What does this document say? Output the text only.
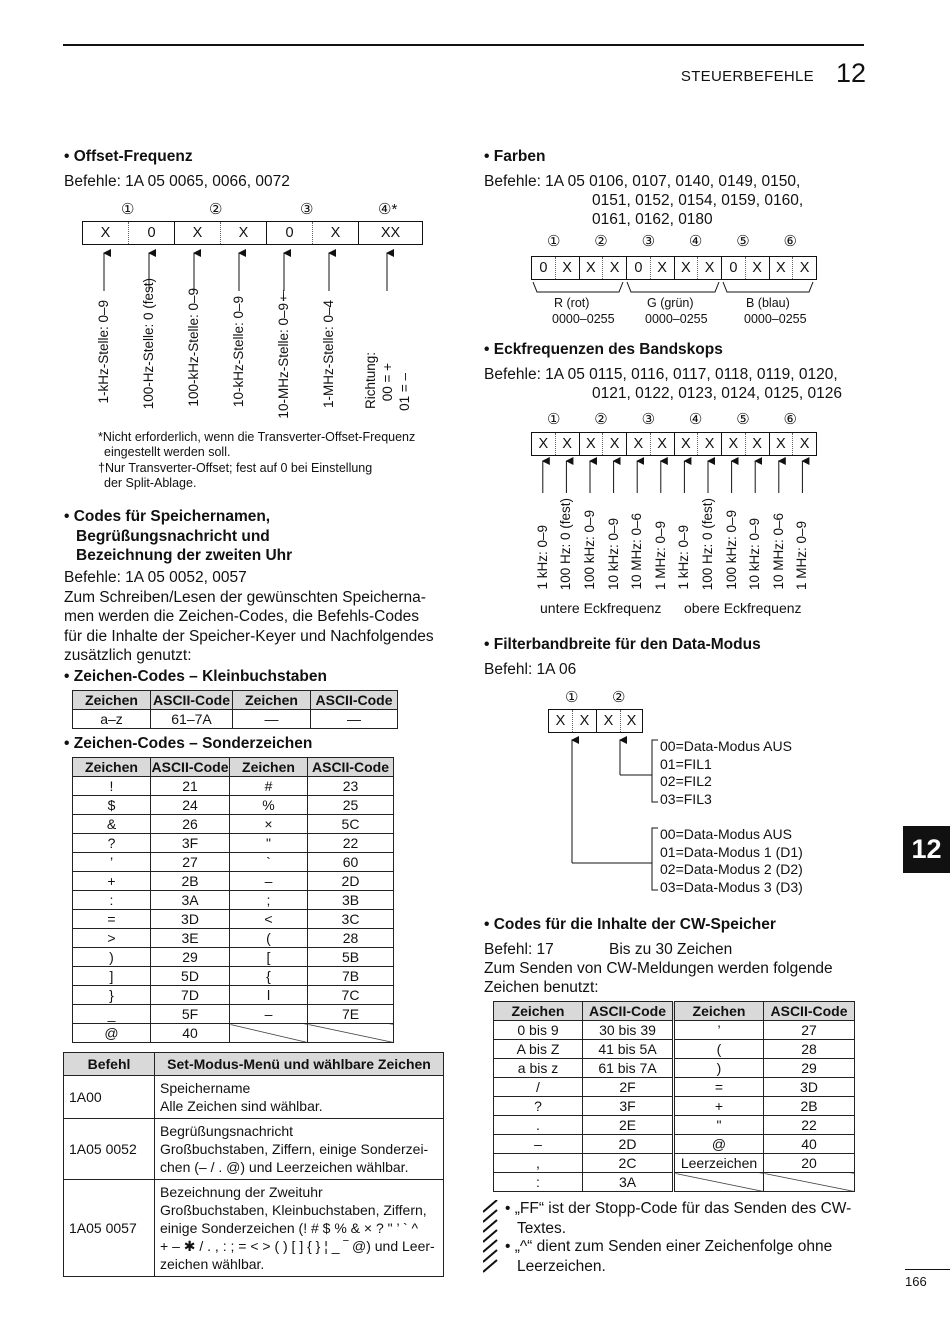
STEUERBEFEHLE 12
• Offset-Frequenz
Befehle: 1A 05 0065, 0066, 0072
①	②	③	④*
X	0	X	X	0	X	XX
1-kHz-Stelle: 0–9 100-Hz-Stelle: 0 (fest) 100-kHz-Stelle: 0–9 10-kHz-Stelle: 0–9 10-MHz-Stelle: 0–9† 1-MHz-Stelle: 0–4 Richtung: 00 = + 01 = –
*Nicht erforderlich, wenn die Transverter-Offset-Frequenz
eingestellt werden soll.
†Nur Transverter-Offset; fest auf 0 bei Einstellung
der Split-Ablage.
• Codes für Speichernamen,
Begrüßungsnachricht und
Bezeichnung der zweiten Uhr
Befehle: 1A 05 0052, 0057
Zum Schreiben/Lesen der gewünschten Speicherna-
men werden die Zeichen-Codes, die Befehls-Codes
für die Inhalte der Speicher-Keyer und Nachfolgendes
zusätzlich genutzt:
• Zeichen-Codes – Kleinbuchstaben
Zeichen	ASCII-Code	Zeichen	ASCII-Code
a–z	61–7A	—	—
• Zeichen-Codes – Sonderzeichen
Zeichen	ASCII-Code	Zeichen	ASCII-Code
!	21	#	23
$	24	%	25
&	26	×	5C
?	3F	"	22
’	27	`	60
+	2B	–	2D
:	3A	;	3B
=	3D	<	3C
>	3E	(	28
)	29	[	5B
]	5D	{	7B
}	7D	l	7C
_	5F	–	7E
@	40		
Befehl	Set-Modus-Menü und wählbare Zeichen
1A00	Speichername
Alle Zeichen sind wählbar.

1A05 0052	Begrüßungsnachricht
Großbuchstaben, Ziffern, einige Sonderzei-
chen (– / . @) und Leerzeichen wählbar.

1A05 0057	Bezeichnung der Zweituhr
Großbuchstaben, Kleinbuchstaben, Ziffern,
einige Sonderzeichen (! # $ % & × ? " ’ ` ^
+ – ✱ / . , : ; = < > ( ) [ ] { } ¦ _ ‾ @) und Leer-
zeichen wählbar.
• Farben
Befehle: 1A 05 0106, 0107, 0140, 0149, 0150,
0151, 0152, 0154, 0159, 0160,
0161, 0162, 0180
① ② ③ ④ ⑤ ⑥
0	X X X	0	X X X	0	X X X
R (rot)
0000–0255
G (grün)
0000–0255
B (blau)
0000–0255
• Eckfrequenzen des Bandskops
Befehle: 1A 05 0115, 0116, 0117, 0118, 0119, 0120,
0121, 0122, 0123, 0124, 0125, 0126
① ② ③ ④ ⑤ ⑥
X X X X X X X X X X X X
1 kHz: 0–9 100 Hz: 0 (fest) 100 kHz: 0–9 10 kHz: 0–9 10 MHz: 0–6 1 MHz: 0–9 1 kHz: 0–9 100 Hz: 0 (fest) 100 kHz: 0–9 10 kHz: 0–9 10 MHz: 0–6 1 MHz: 0–9
untere Eckfrequenz obere Eckfrequenz
• Filterbandbreite für den Data-Modus
Befehl: 1A 06
① ②
X X X X
00=Data-Modus AUS
01=FIL1
02=FIL2
03=FIL3
00=Data-Modus AUS
01=Data-Modus 1 (D1)
02=Data-Modus 2 (D2)
03=Data-Modus 3 (D3)
• Codes für die Inhalte der CW-Speicher
Befehl: 17	Bis zu 30 Zeichen
Zum Senden von CW-Meldungen werden folgende
Zeichen benutzt:
Zeichen	ASCII-Code	Zeichen	ASCII-Code
0 bis 9	30 bis 39	’	27
A bis Z	41 bis 5A	(	28
a bis z	61 bis 7A	)	29
/	2F	=	3D
?	3F	+	2B
.	2E	"	22
–	2D	@	40
,	2C	Leerzeichen	20
:	3A		
• „FF“ ist der Stopp-Code für das Senden des CW-
Textes.
• „^“ dient zum Senden einer Zeichenfolge ohne
Leerzeichen.
12
166
